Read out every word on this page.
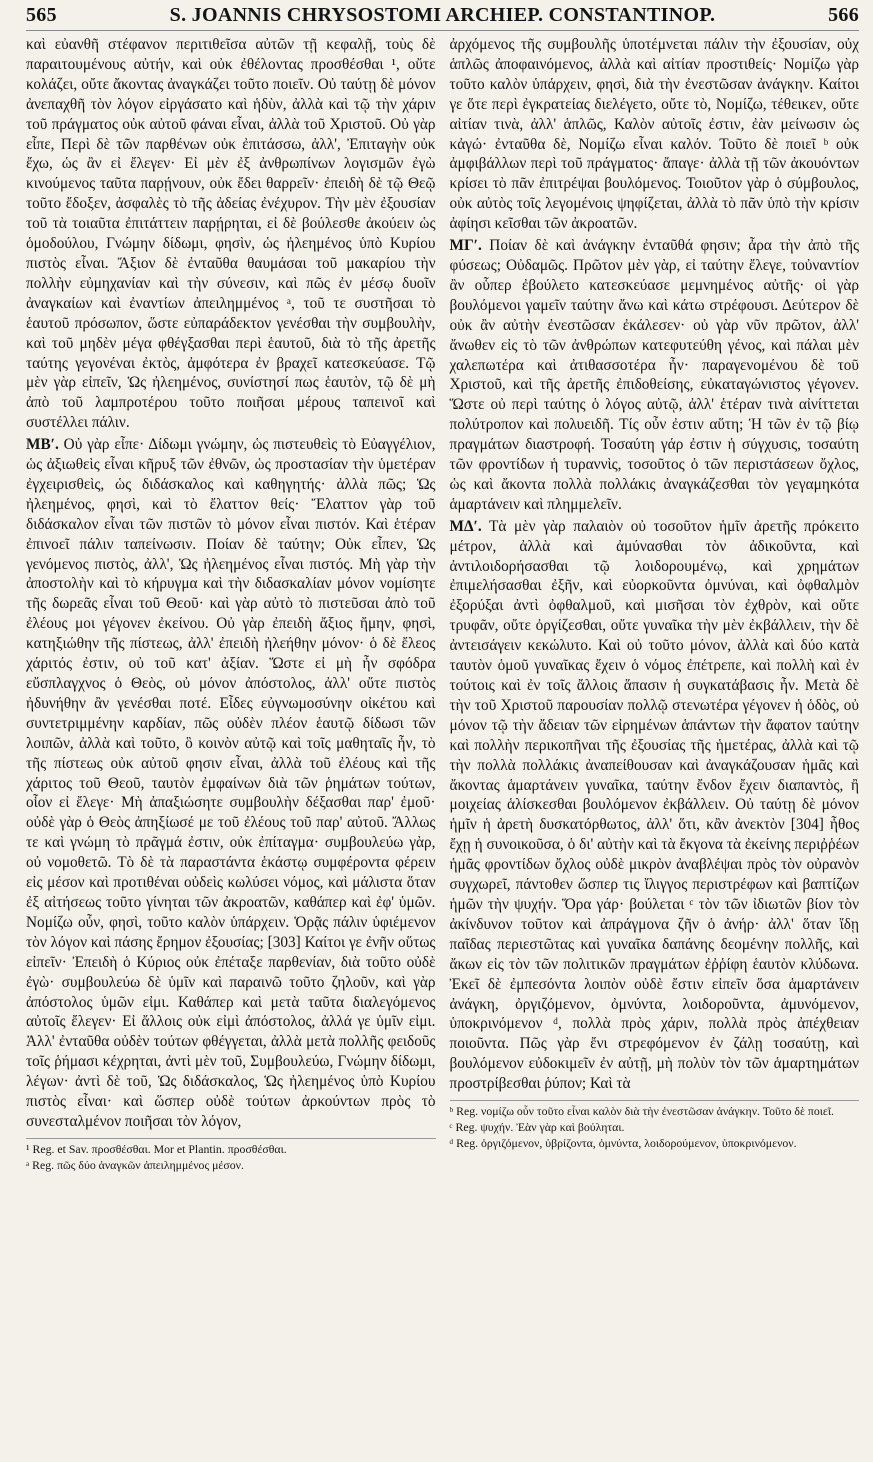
565	S. JOANNIS CHRYSOSTOMI ARCHIEP. CONSTANTINOP.	566

καὶ εὐανθῆ στέφανον περιτιθεῖσα αὐτῶν τῇ κεφαλῇ, τοὺς δὲ παραιτουμένους αὐτήν, καὶ οὐκ ἐθέλοντας προσθέσθαι ¹, οὔτε κολάζει, οὔτε ἄκοντας ἀναγκάζει τοῦτο ποιεῖν. Οὐ ταύτῃ δὲ μόνον ἀνεπαχθῆ τὸν λόγον εἰργάσατο καὶ ἡδὺν, ἀλλὰ καὶ τῷ τὴν χάριν τοῦ πράγματος οὐκ αὐτοῦ φάναι εἶναι, ἀλλὰ τοῦ Χριστοῦ. Οὐ γὰρ εἶπε, Περὶ δὲ τῶν παρθένων οὐκ ἐπιτάσσω, ἀλλ', Ἐπιταγὴν οὐκ ἔχω, ὡς ἂν εἰ ἔλεγεν· Εἰ μὲν ἐξ ἀνθρωπίνων λογισμῶν ἐγὼ κινούμενος ταῦτα παρῄνουν, οὐκ ἔδει θαρρεῖν· ἐπειδὴ δὲ τῷ Θεῷ τοῦτο ἔδοξεν, ἀσφαλὲς τὸ τῆς ἀδείας ἐνέχυρον. Τὴν μὲν ἐξουσίαν τοῦ τὰ τοιαῦτα ἐπιτάττειν παρῄρηται, εἰ δὲ βούλεσθε ἀκούειν ὡς ὁμοδούλου, Γνώμην δίδωμι, φησὶν, ὡς ἠλεημένος ὑπὸ Κυρίου πιστὸς εἶναι. Ἄξιον δὲ ἐνταῦθα θαυμάσαι τοῦ μακαρίου τὴν πολλὴν εὐμηχανίαν καὶ τὴν σύνεσιν, καὶ πῶς ἐν μέσῳ δυοῖν ἀναγκαίων καὶ ἐναντίων ἀπειλημμένος ᵃ, τοῦ τε συστῆσαι τὸ ἑαυτοῦ πρόσωπον, ὥστε εὐπαράδεκτον γενέσθαι τὴν συμβουλὴν, καὶ τοῦ μηδὲν μέγα φθέγξασθαι περὶ ἑαυτοῦ, διὰ τὸ τῆς ἀρετῆς ταύτης γεγονέναι ἐκτὸς, ἀμφότερα ἐν βραχεῖ κατεσκεύασε. Τῷ μὲν γὰρ εἰπεῖν, Ὡς ἠλεημένος, συνίστησί πως ἑαυτὸν, τῷ δὲ μὴ ἀπὸ τοῦ λαμπροτέρου τοῦτο ποιῆσαι μέρους ταπεινοῖ καὶ συστέλλει πάλιν.

ΜΒʹ. Οὐ γὰρ εἶπε· Δίδωμι γνώμην, ὡς πιστευθεὶς τὸ Εὐαγγέλιον, ὡς ἀξιωθεὶς εἶναι κῆρυξ τῶν ἐθνῶν, ὡς προστασίαν τὴν ὑμετέραν ἐγχειρισθεὶς, ὡς διδάσκαλος καὶ καθηγητής· ἀλλὰ πῶς; Ὡς ἠλεημένος, φησὶ, καὶ τὸ ἔλαττον θείς· Ἔλαττον γὰρ τοῦ διδάσκαλον εἶναι τῶν πιστῶν τὸ μόνον εἶναι πιστόν. Καὶ ἑτέραν ἐπινοεῖ πάλιν ταπείνωσιν. Ποίαν δὲ ταύτην; Οὐκ εἶπεν, Ὡς γενόμενος πιστὸς, ἀλλ', Ὡς ἠλεημένος εἶναι πιστός. Μὴ γὰρ τὴν ἀποστολὴν καὶ τὸ κήρυγμα καὶ τὴν διδασκαλίαν μόνον νομίσητε τῆς δωρεᾶς εἶναι τοῦ Θεοῦ· καὶ γὰρ αὐτὸ τὸ πιστεῦσαι ἀπὸ τοῦ ἐλέους μοι γέγονεν ἐκείνου. Οὐ γὰρ ἐπειδὴ ἄξιος ἤμην, φησὶ, κατηξιώθην τῆς πίστεως, ἀλλ' ἐπειδὴ ἠλεήθην μόνον· ὁ δὲ ἔλεος χάριτός ἐστιν, οὐ τοῦ κατ' ἀξίαν. Ὥστε εἰ μὴ ἦν σφόδρα εὔσπλαγχνος ὁ Θεὸς, οὐ μόνον ἀπόστολος, ἀλλ' οὔτε πιστὸς ἠδυνήθην ἂν γενέσθαι ποτέ. Εἶδες εὐγνωμοσύνην οἰκέτου καὶ συντετριμμένην καρδίαν, πῶς οὐδὲν πλέον ἑαυτῷ δίδωσι τῶν λοιπῶν, ἀλλὰ καὶ τοῦτο, ὃ κοινὸν αὐτῷ καὶ τοῖς μαθηταῖς ἦν, τὸ τῆς πίστεως οὐκ αὐτοῦ φησιν εἶναι, ἀλλὰ τοῦ ἐλέους καὶ τῆς χάριτος τοῦ Θεοῦ, ταυτὸν ἐμφαίνων διὰ τῶν ῥημάτων τούτων, οἷον εἰ ἔλεγε· Μὴ ἀπαξιώσητε συμβουλὴν δέξασθαι παρ' ἐμοῦ· οὐδὲ γὰρ ὁ Θεὸς ἀπηξίωσέ με τοῦ ἐλέους τοῦ παρ' αὐτοῦ. Ἄλλως τε καὶ γνώμη τὸ πρᾶγμά ἐστιν, οὐκ ἐπίταγμα· συμβουλεύω γὰρ, οὐ νομοθετῶ. Τὸ δὲ τὰ παραστάντα ἑκάστῳ συμφέροντα φέρειν εἰς μέσον καὶ προτιθέναι οὐδεὶς κωλύσει νόμος, καὶ μάλιστα ὅταν ἐξ αἰτήσεως τοῦτο γίνηται τῶν ἀκροατῶν, καθάπερ καὶ ἐφ' ὑμῶν. Νομίζω οὖν, φησὶ, τοῦτο καλὸν ὑπάρχειν. Ὁρᾷς πάλιν ὑφιέμενον τὸν λόγον καὶ πάσης ἔρημον ἐξουσίας; [303] Καίτοι γε ἐνῆν οὕτως εἰπεῖν· Ἐπειδὴ ὁ Κύριος οὐκ ἐπέταξε παρθενίαν, διὰ τοῦτο οὐδὲ ἐγὼ· συμβουλεύω δὲ ὑμῖν καὶ παραινῶ τοῦτο ζηλοῦν, καὶ γὰρ ἀπόστολος ὑμῶν εἰμι. Καθάπερ καὶ μετὰ ταῦτα διαλεγόμενος αὐτοῖς ἔλεγεν· Εἰ ἄλλοις οὐκ εἰμὶ ἀπόστολος, ἀλλά γε ὑμῖν εἰμι. Ἀλλ' ἐνταῦθα οὐδὲν τούτων φθέγγεται, ἀλλὰ μετὰ πολλῆς φειδοῦς τοῖς ῥήμασι κέχρηται, ἀντὶ μὲν τοῦ, Συμβουλεύω, Γνώμην δίδωμι, λέγων· ἀντὶ δὲ τοῦ, Ὡς διδάσκαλος, Ὡς ἠλεημένος ὑπὸ Κυρίου πιστὸς εἶναι· καὶ ὥσπερ οὐδὲ τούτων ἀρκούντων πρὸς τὸ συνεσταλμένον ποιῆσαι τὸν λόγον,

¹ Reg. et Sav. προσθέσθαι. Mor et Plantin. προσθέσθαι.

ᵃ Reg. πῶς δύο ἀναγκῶν ἀπειλημμένος μέσον.

ἀρχόμενος τῆς συμβουλῆς ὑποτέμνεται πάλιν τὴν ἐξουσίαν, οὐχ ἁπλῶς ἀποφαινόμενος, ἀλλὰ καὶ αἰτίαν προστιθείς· Νομίζω γὰρ τοῦτο καλὸν ὑπάρχειν, φησὶ, διὰ τὴν ἐνεστῶσαν ἀνάγκην. Καίτοι γε ὅτε περὶ ἐγκρατείας διελέγετο, οὔτε τὸ, Νομίζω, τέθεικεν, οὔτε αἰτίαν τινὰ, ἀλλ' ἁπλῶς, Καλὸν αὐτοῖς ἐστιν, ἐὰν μείνωσιν ὡς κἀγώ· ἐνταῦθα δὲ, Νομίζω εἶναι καλόν. Τοῦτο δὲ ποιεῖ ᵇ οὐκ ἀμφιβάλλων περὶ τοῦ πράγματος· ἄπαγε· ἀλλὰ τῇ τῶν ἀκουόντων κρίσει τὸ πᾶν ἐπιτρέψαι βουλόμενος. Τοιοῦτον γὰρ ὁ σύμβουλος, οὐκ αὐτὸς τοῖς λεγομένοις ψηφίζεται, ἀλλὰ τὸ πᾶν ὑπὸ τὴν κρίσιν ἀφίησι κεῖσθαι τῶν ἀκροατῶν.

ΜΓʹ. Ποίαν δὲ καὶ ἀνάγκην ἐνταῦθά φησιν; ἆρα τὴν ἀπὸ τῆς φύσεως; Οὐδαμῶς. Πρῶτον μὲν γὰρ, εἰ ταύτην ἔλεγε, τοὐναντίον ἂν οὗπερ ἐβούλετο κατεσκεύασε μεμνημένος αὐτῆς· οἱ γὰρ βουλόμενοι γαμεῖν ταύτην ἄνω καὶ κάτω στρέφουσι. Δεύτερον δὲ οὐκ ἂν αὐτὴν ἐνεστῶσαν ἐκάλεσεν· οὐ γὰρ νῦν πρῶτον, ἀλλ' ἄνωθεν εἰς τὸ τῶν ἀνθρώπων κατεφυτεύθη γένος, καὶ πάλαι μὲν χαλεπωτέρα καὶ ἀτιθασσοτέρα ἦν· παραγενομένου δὲ τοῦ Χριστοῦ, καὶ τῆς ἀρετῆς ἐπιδοθείσης, εὐκαταγώνιστος γέγονεν. Ὥστε οὐ περὶ ταύτης ὁ λόγος αὐτῷ, ἀλλ' ἑτέραν τινὰ αἰνίττεται πολύτροπον καὶ πολυειδῆ. Τίς οὖν ἐστιν αὕτη; Ἡ τῶν ἐν τῷ βίῳ πραγμάτων διαστροφή. Τοσαύτη γάρ ἐστιν ἡ σύγχυσις, τοσαύτη τῶν φροντίδων ἡ τυραννὶς, τοσοῦτος ὁ τῶν περιστάσεων ὄχλος, ὡς καὶ ἄκοντα πολλὰ πολλάκις ἀναγκάζεσθαι τὸν γεγαμηκότα ἁμαρτάνειν καὶ πλημμελεῖν.

ΜΔʹ. Τὰ μὲν γὰρ παλαιὸν οὐ τοσοῦτον ἡμῖν ἀρετῆς πρόκειτο μέτρον, ἀλλὰ καὶ ἀμύνασθαι τὸν ἀδικοῦντα, καὶ ἀντιλοιδορήσασθαι τῷ λοιδορουμένῳ, καὶ χρημάτων ἐπιμελήσασθαι ἐξῆν, καὶ εὐορκοῦντα ὀμνύναι, καὶ ὀφθαλμὸν ἐξορύξαι ἀντὶ ὀφθαλμοῦ, καὶ μισῆσαι τὸν ἐχθρὸν, καὶ οὔτε τρυφᾶν, οὔτε ὀργίζεσθαι, οὔτε γυναῖκα τὴν μὲν ἐκβάλλειν, τὴν δὲ ἀντεισάγειν κεκώλυτο. Καὶ οὐ τοῦτο μόνον, ἀλλὰ καὶ δύο κατὰ ταυτὸν ὁμοῦ γυναῖκας ἔχειν ὁ νόμος ἐπέτρεπε, καὶ πολλὴ καὶ ἐν τούτοις καὶ ἐν τοῖς ἄλλοις ἅπασιν ἡ συγκατάβασις ἦν. Μετὰ δὲ τὴν τοῦ Χριστοῦ παρουσίαν πολλῷ στενωτέρα γέγονεν ἡ ὁδὸς, οὐ μόνον τῷ τὴν ἄδειαν τῶν εἰρημένων ἁπάντων τὴν ἄφατον ταύτην καὶ πολλὴν περικοπῆναι τῆς ἐξουσίας τῆς ἡμετέρας, ἀλλὰ καὶ τῷ τὴν πολλὰ πολλάκις ἀναπείθουσαν καὶ ἀναγκάζουσαν ἡμᾶς καὶ ἄκοντας ἁμαρτάνειν γυναῖκα, ταύτην ἔνδον ἔχειν διαπαντὸς, ἢ μοιχείας ἁλίσκεσθαι βουλόμενον ἐκβάλλειν. Οὐ ταύτῃ δὲ μόνον ἡμῖν ἡ ἀρετὴ δυσκατόρθωτος, ἀλλ' ὅτι, κἂν ἀνεκτὸν [304] ἦθος ἔχῃ ἡ συνοικοῦσα, ὁ δι' αὐτὴν καὶ τὰ ἔκγονα τὰ ἐκείνης περιῤῥέων ἡμᾶς φροντίδων ὄχλος οὐδὲ μικρὸν ἀναβλέψαι πρὸς τὸν οὐρανὸν συγχωρεῖ, πάντοθεν ὥσπερ τις ἴλιγγος περιστρέφων καὶ βαπτίζων ἡμῶν τὴν ψυχήν. Ὅρα γάρ· βούλεται ᶜ τὸν τῶν ἰδιωτῶν βίον τὸν ἀκίνδυνον τοῦτον καὶ ἀπράγμονα ζῆν ὁ ἀνήρ· ἀλλ' ὅταν ἴδῃ παῖδας περιεστῶτας καὶ γυναῖκα δαπάνης δεομένην πολλῆς, καὶ ἄκων εἰς τὸν τῶν πολιτικῶν πραγμάτων ἐῤῥίφη ἑαυτὸν κλύδωνα. Ἐκεῖ δὲ ἐμπεσόντα λοιπὸν οὐδὲ ἔστιν εἰπεῖν ὅσα ἁμαρτάνειν ἀνάγκη, ὀργιζόμενον, ὀμνύντα, λοιδοροῦντα, ἀμυνόμενον, ὑποκρινόμενον ᵈ, πολλὰ πρὸς χάριν, πολλὰ πρὸς ἀπέχθειαν ποιοῦντα. Πῶς γὰρ ἔνι στρεφόμενον ἐν ζάλῃ τοσαύτῃ, καὶ βουλόμενον εὐδοκιμεῖν ἐν αὐτῇ, μὴ πολὺν τὸν τῶν ἁμαρτημάτων προστρίβεσθαι ῥύπον; Καὶ τὰ

ᵇ Reg. νομίζω οὖν τοῦτο εἶναι καλὸν διὰ τὴν ἐνεστῶσαν ἀνάγκην. Τοῦτο δὲ ποιεῖ.

ᶜ Reg. ψυχήν. Ἐὰν γὰρ καὶ βούληται.

ᵈ Reg. ὀργιζόμενον, ὑβρίζοντα, ὀμνύντα, λοιδορούμενον, ὑποκρινόμενον.
